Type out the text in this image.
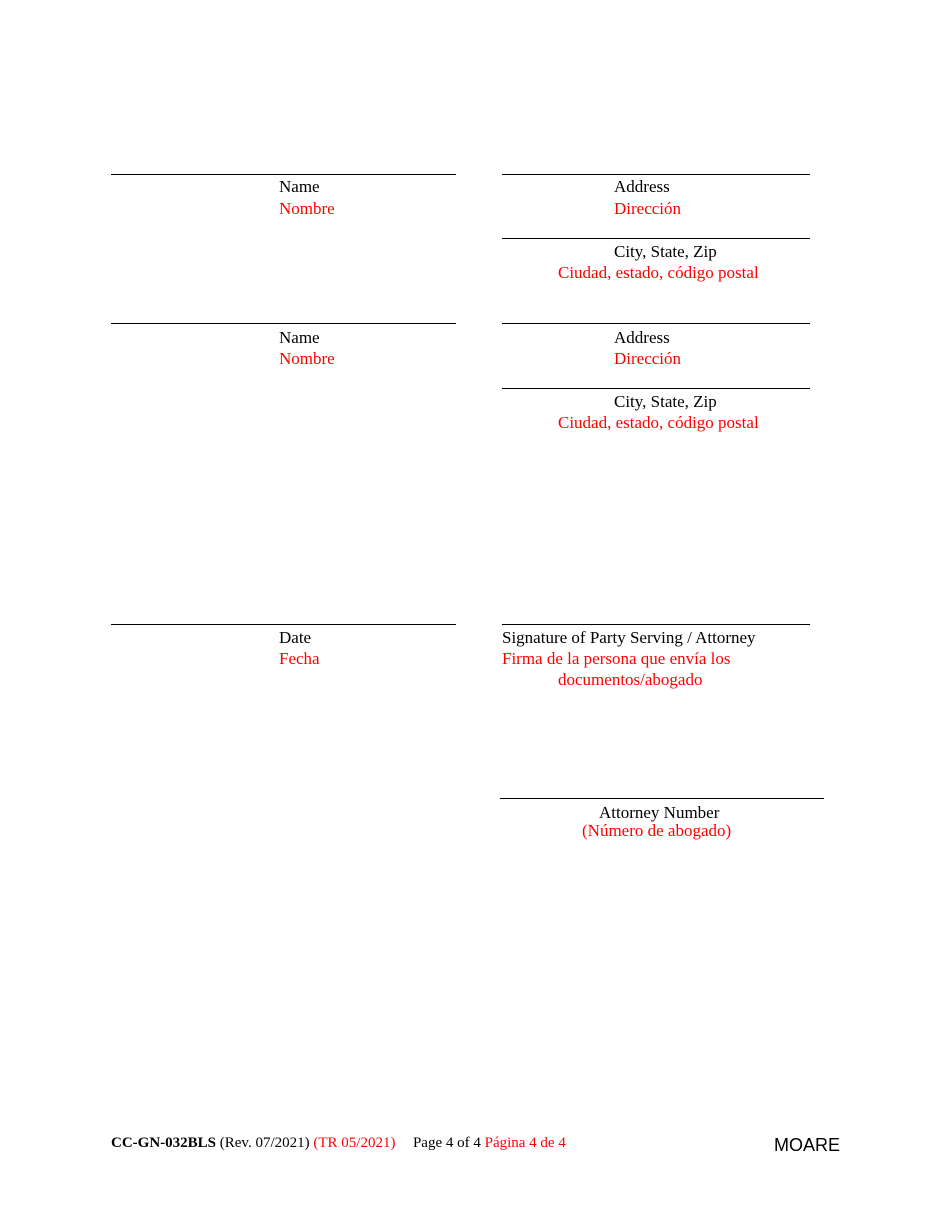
Name
Nombre
Address
Dirección
City, State, Zip
Ciudad, estado, código postal
Name
Nombre
Address
Dirección
City, State, Zip
Ciudad, estado, código postal
Date
Fecha
Signature of Party Serving / Attorney
Firma de la persona que envía los
documentos/abogado
Attorney Number
(Número de abogado)
CC-GN-032BLS (Rev. 07/2021) (TR 05/2021) Page 4 of 4 Página 4 de 4	MOARE
